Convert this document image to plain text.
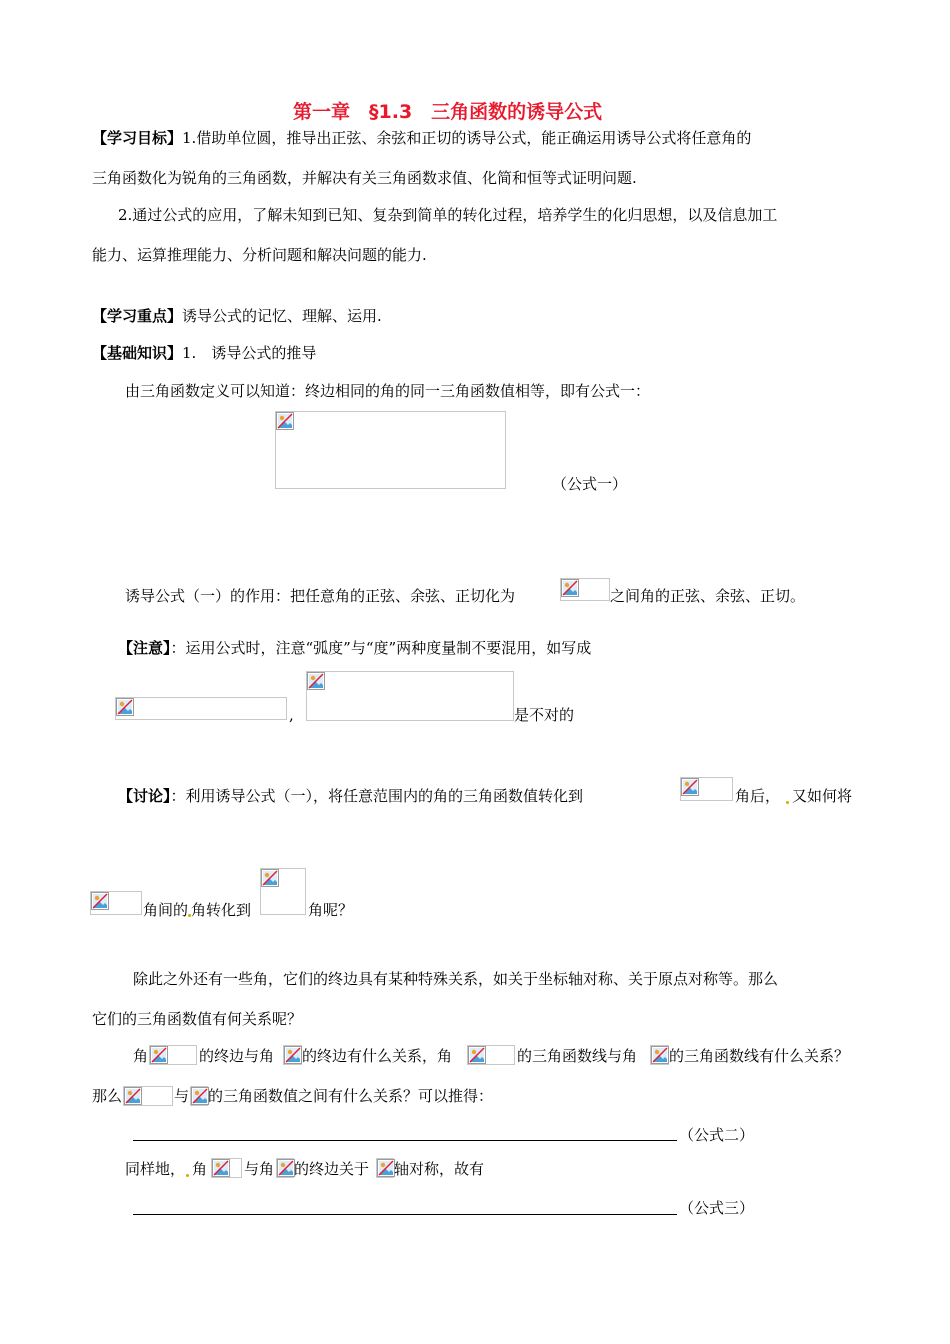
第一章　§1.3　三角函数的诱导公式
【学习目标】1.借助单位圆，推导出正弦、余弦和正切的诱导公式，能正确运用诱导公式将任意角的
三角函数化为锐角的三角函数，并解决有关三角函数求值、化简和恒等式证明问题.
2.通过公式的应用，了解未知到已知、复杂到简单的转化过程，培养学生的化归思想，以及信息加工
能力、运算推理能力、分析问题和解决问题的能力.
【学习重点】诱导公式的记忆、理解、运用.
【基础知识】1.　诱导公式的推导
由三角函数定义可以知道：终边相同的角的同一三角函数值相等，即有公式一：
（公式一）
诱导公式（一）的作用：把任意角的正弦、余弦、正切化为	之间角的正弦、余弦、正切。
【注意】：运用公式时，注意“弧度”与“度”两种度量制不要混用，如写成
,	是不对的
【讨论】：利用诱导公式（一），将任意范围内的角的三角函数值转化到	角后， 又如何将
角间的 角转化到	角呢？
除此之外还有一些角，它们的终边具有某种特殊关系，如关于坐标轴对称、关于原点对称等。那么
它们的三角函数值有何关系呢？
角	的终边与角 的终边有什么关系，角	的三角函数线与角 的三角函数线有什么关系？
那么	与 的三角函数值之间有什么关系？可以推得：
（公式二）
同样地， 角 与角 的终边关于 轴对称，故有
（公式三）
